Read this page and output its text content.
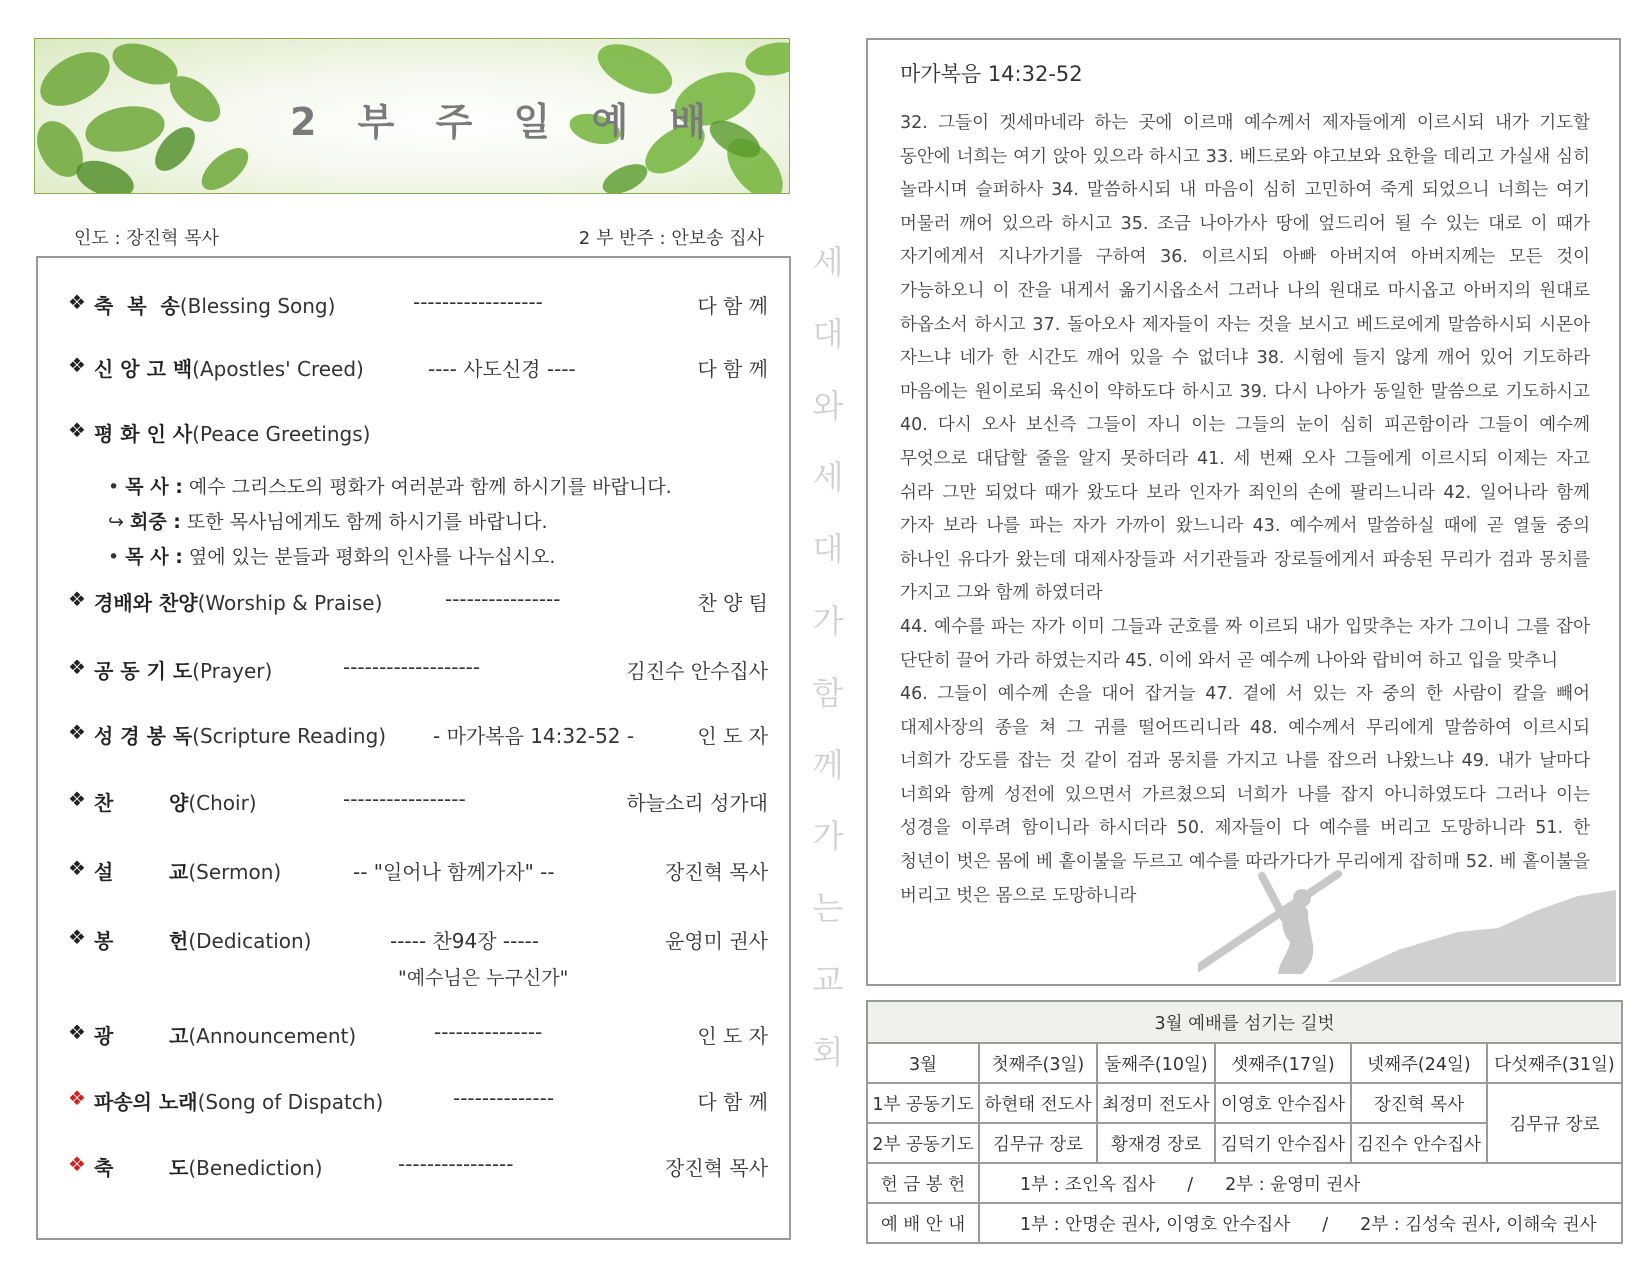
2 부 주 일 예 배
인도 : 장진혁 목사	2 부 반주 : 안보송 집사
❖ 축  복  송(Blessing Song)	------------------	다 함 께
❖ 신 앙 고 백(Apostles' Creed)	---- 사도신경 ----	다 함 께
❖ 평 화 인 사(Peace Greetings)
• 목 사 : 예수 그리스도의 평화가 여러분과 함께 하시기를 바랍니다.
↪ 회중 : 또한 목사님에게도 함께 하시기를 바랍니다.
• 목 사 : 옆에 있는 분들과 평화의 인사를 나누십시오.
❖ 경배와 찬양(Worship & Praise)	----------------	찬 양 팀
❖ 공 동 기 도(Prayer)	-------------------	김진수 안수집사
❖ 성 경 봉 독(Scripture Reading) - 마가복음 14:32-52 -	인 도 자
❖ 찬        양(Choir)	-----------------	하늘소리 성가대
❖ 설        교(Sermon)	-- "일어나 함께가자" --	장진혁 목사
❖ 봉        헌(Dedication)	----- 찬94장 -----	윤영미 권사
"예수님은 누구신가"
❖ 광        고(Announcement)	---------------	인 도 자
❖ 파송의 노래(Song of Dispatch)	--------------	다 함 께
❖ 축        도(Benediction)	----------------	장진혁 목사
세
대
와
세
대
가
함
께
가
는
교
회
마가복음 14:32-52
32. 그들이 겟세마네라 하는 곳에 이르매 예수께서 제자들에게 이르시되 내가 기도할 동안에 너희는 여기 앉아 있으라 하시고 33. 베드로와 야고보와 요한을 데리고 가실새 심히 놀라시며 슬퍼하사 34. 말씀하시되 내 마음이 심히 고민하여 죽게 되었으니 너희는 여기 머물러 깨어 있으라 하시고 35. 조금 나아가사 땅에 엎드리어 될 수 있는 대로 이 때가 자기에게서 지나가기를 구하여 36. 이르시되 아빠 아버지여 아버지께는 모든 것이 가능하오니 이 잔을 내게서 옮기시옵소서 그러나 나의 원대로 마시옵고 아버지의 원대로 하옵소서 하시고 37. 돌아오사 제자들이 자는 것을 보시고 베드로에게 말씀하시되 시몬아 자느냐 네가 한 시간도 깨어 있을 수 없더냐 38. 시험에 들지 않게 깨어 있어 기도하라 마음에는 원이로되 육신이 약하도다 하시고 39. 다시 나아가 동일한 말씀으로 기도하시고 40. 다시 오사 보신즉 그들이 자니 이는 그들의 눈이 심히 피곤함이라 그들이 예수께 무엇으로 대답할 줄을 알지 못하더라 41. 세 번째 오사 그들에게 이르시되 이제는 자고 쉬라 그만 되었다 때가 왔도다 보라 인자가 죄인의 손에 팔리느니라 42. 일어나라 함께 가자 보라 나를 파는 자가 가까이 왔느니라 43. 예수께서 말씀하실 때에 곧 열둘 중의 하나인 유다가 왔는데 대제사장들과 서기관들과 장로들에게서 파송된 무리가 검과 몽치를 가지고 그와 함께 하였더라
44. 예수를 파는 자가 이미 그들과 군호를 짜 이르되 내가 입맞추는 자가 그이니 그를 잡아 단단히 끌어 가라 하였는지라 45. 이에 와서 곧 예수께 나아와 랍비여 하고 입을 맞추니
46. 그들이 예수께 손을 대어 잡거늘 47. 곁에 서 있는 자 중의 한 사람이 칼을 빼어 대제사장의 종을 쳐 그 귀를 떨어뜨리니라 48. 예수께서 무리에게 말씀하여 이르시되 너희가 강도를 잡는 것 같이 검과 몽치를 가지고 나를 잡으러 나왔느냐 49. 내가 날마다 너희와 함께 성전에 있으면서 가르쳤으되 너희가 나를 잡지 아니하였도다 그러나 이는 성경을 이루려 함이니라 하시더라 50. 제자들이 다 예수를 버리고 도망하니라 51. 한 청년이 벗은 몸에 베 홑이불을 두르고 예수를 따라가다가 무리에게 잡히매 52. 베 홑이불을 버리고 벗은 몸으로 도망하니라
3월 예배를 섬기는 길벗					
3월	첫째주(3일)	둘째주(10일)	셋째주(17일)	넷째주(24일)	다섯째주(31일)
1부 공동기도	하현태 전도사	최정미 전도사	이영호 안수집사	장진혁 목사	김무규 장로
2부 공동기도	김무규 장로	황재경 장로	김덕기 안수집사	김진수 안수집사	
헌 금 봉 헌	1부 : 조인옥 집사 / 2부 : 윤영미 권사				
예 배 안 내	1부 : 안명순 권사, 이영호 안수집사 / 2부 : 김성숙 권사, 이해숙 권사				
